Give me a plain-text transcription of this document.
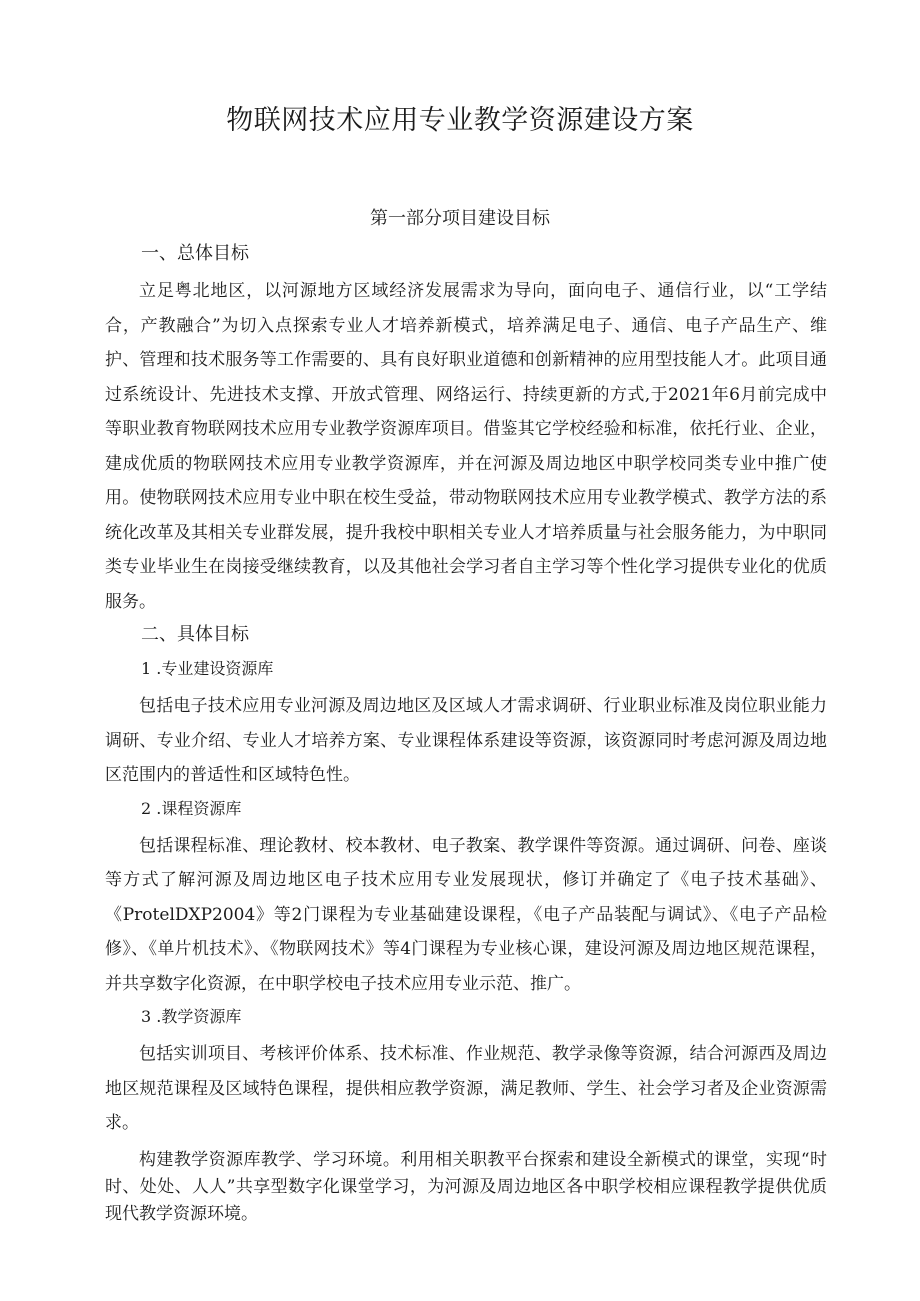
物联网技术应用专业教学资源建设方案
第一部分项目建设目标
一、总体目标

立足粤北地区，以河源地方区域经济发展需求为导向，面向电子、通信行业，以“工学结合，产教融合”为切入点探索专业人才培养新模式，培养满足电子、通信、电子产品生产、维护、管理和技术服务等工作需要的、具有良好职业道德和创新精神的应用型技能人才。此项目通过系统设计、先进技术支撑、开放式管理、网络运行、持续更新的方式,于2021年6月前完成中等职业教育物联网技术应用专业教学资源库项目。借鉴其它学校经验和标准，依托行业、企业，建成优质的物联网技术应用专业教学资源库，并在河源及周边地区中职学校同类专业中推广使用。使物联网技术应用专业中职在校生受益，带动物联网技术应用专业教学模式、教学方法的系统化改革及其相关专业群发展，提升我校中职相关专业人才培养质量与社会服务能力，为中职同类专业毕业生在岗接受继续教育，以及其他社会学习者自主学习等个性化学习提供专业化的优质服务。

二、具体目标
1 .专业建设资源库

包括电子技术应用专业河源及周边地区及区域人才需求调研、行业职业标准及岗位职业能力调研、专业介绍、专业人才培养方案、专业课程体系建设等资源，该资源同时考虑河源及周边地区范围内的普适性和区域特色性。

2 .课程资源库

包括课程标准、理论教材、校本教材、电子教案、教学课件等资源。通过调研、问卷、座谈等方式了解河源及周边地区电子技术应用专业发展现状，修订并确定了《电子技术基础》、《ProtelDXP2004》等2门课程为专业基础建设课程，《电子产品装配与调试》、《电子产品检修》、《单片机技术》、《物联网技术》等4门课程为专业核心课，建设河源及周边地区规范课程，并共享数字化资源，在中职学校电子技术应用专业示范、推广。

3 .教学资源库

包括实训项目、考核评价体系、技术标准、作业规范、教学录像等资源，结合河源西及周边地区规范课程及区域特色课程，提供相应教学资源，满足教师、学生、社会学习者及企业资源需求。

构建教学资源库教学、学习环境。利用相关职教平台探索和建设全新模式的课堂，实现“时时、处处、人人”共享型数字化课堂学习，为河源及周边地区各中职学校相应课程教学提供优质现代教学资源环境。
